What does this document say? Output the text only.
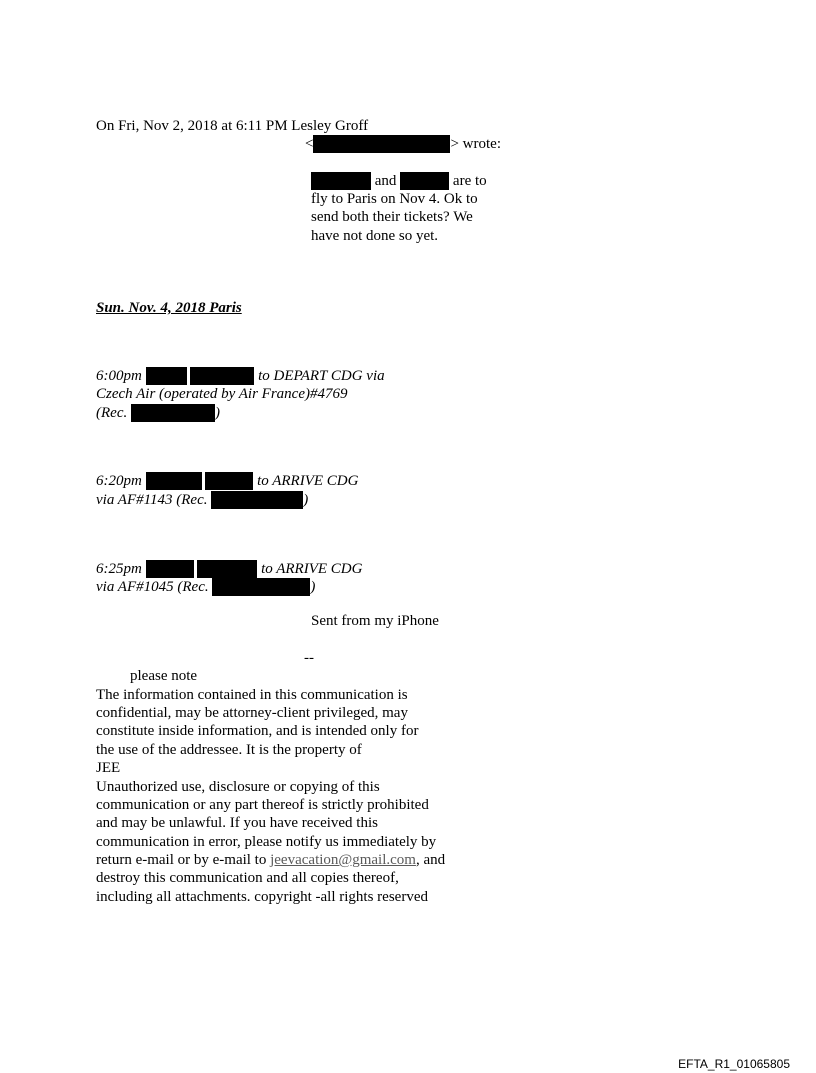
On Fri, Nov 2, 2018 at 6:11 PM Lesley Groff
<	> wrote:
and	are to
fly to Paris on Nov 4. Ok to
send both their tickets? We
have not done so yet.
Sun. Nov. 4, 2018 Paris
6:00pm	to DEPART CDG via
Czech Air (operated by Air France)#4769
(Rec.	)
6:20pm	to ARRIVE CDG
via AF#1143 (Rec.	)
6:25pm	to ARRIVE CDG
via AF#1045 (Rec.	)
Sent from my iPhone
--
please note
The information contained in this communication is
confidential, may be attorney-client privileged, may
constitute inside information, and is intended only for
the use of the addressee. It is the property of
JEE
Unauthorized use, disclosure or copying of this
communication or any part thereof is strictly prohibited
and may be unlawful. If you have received this
communication in error, please notify us immediately by
return e-mail or by e-mail to jeevacation@gmail.com, and
destroy this communication and all copies thereof,
including all attachments. copyright -all rights reserved
EFTA_R1_01065805
